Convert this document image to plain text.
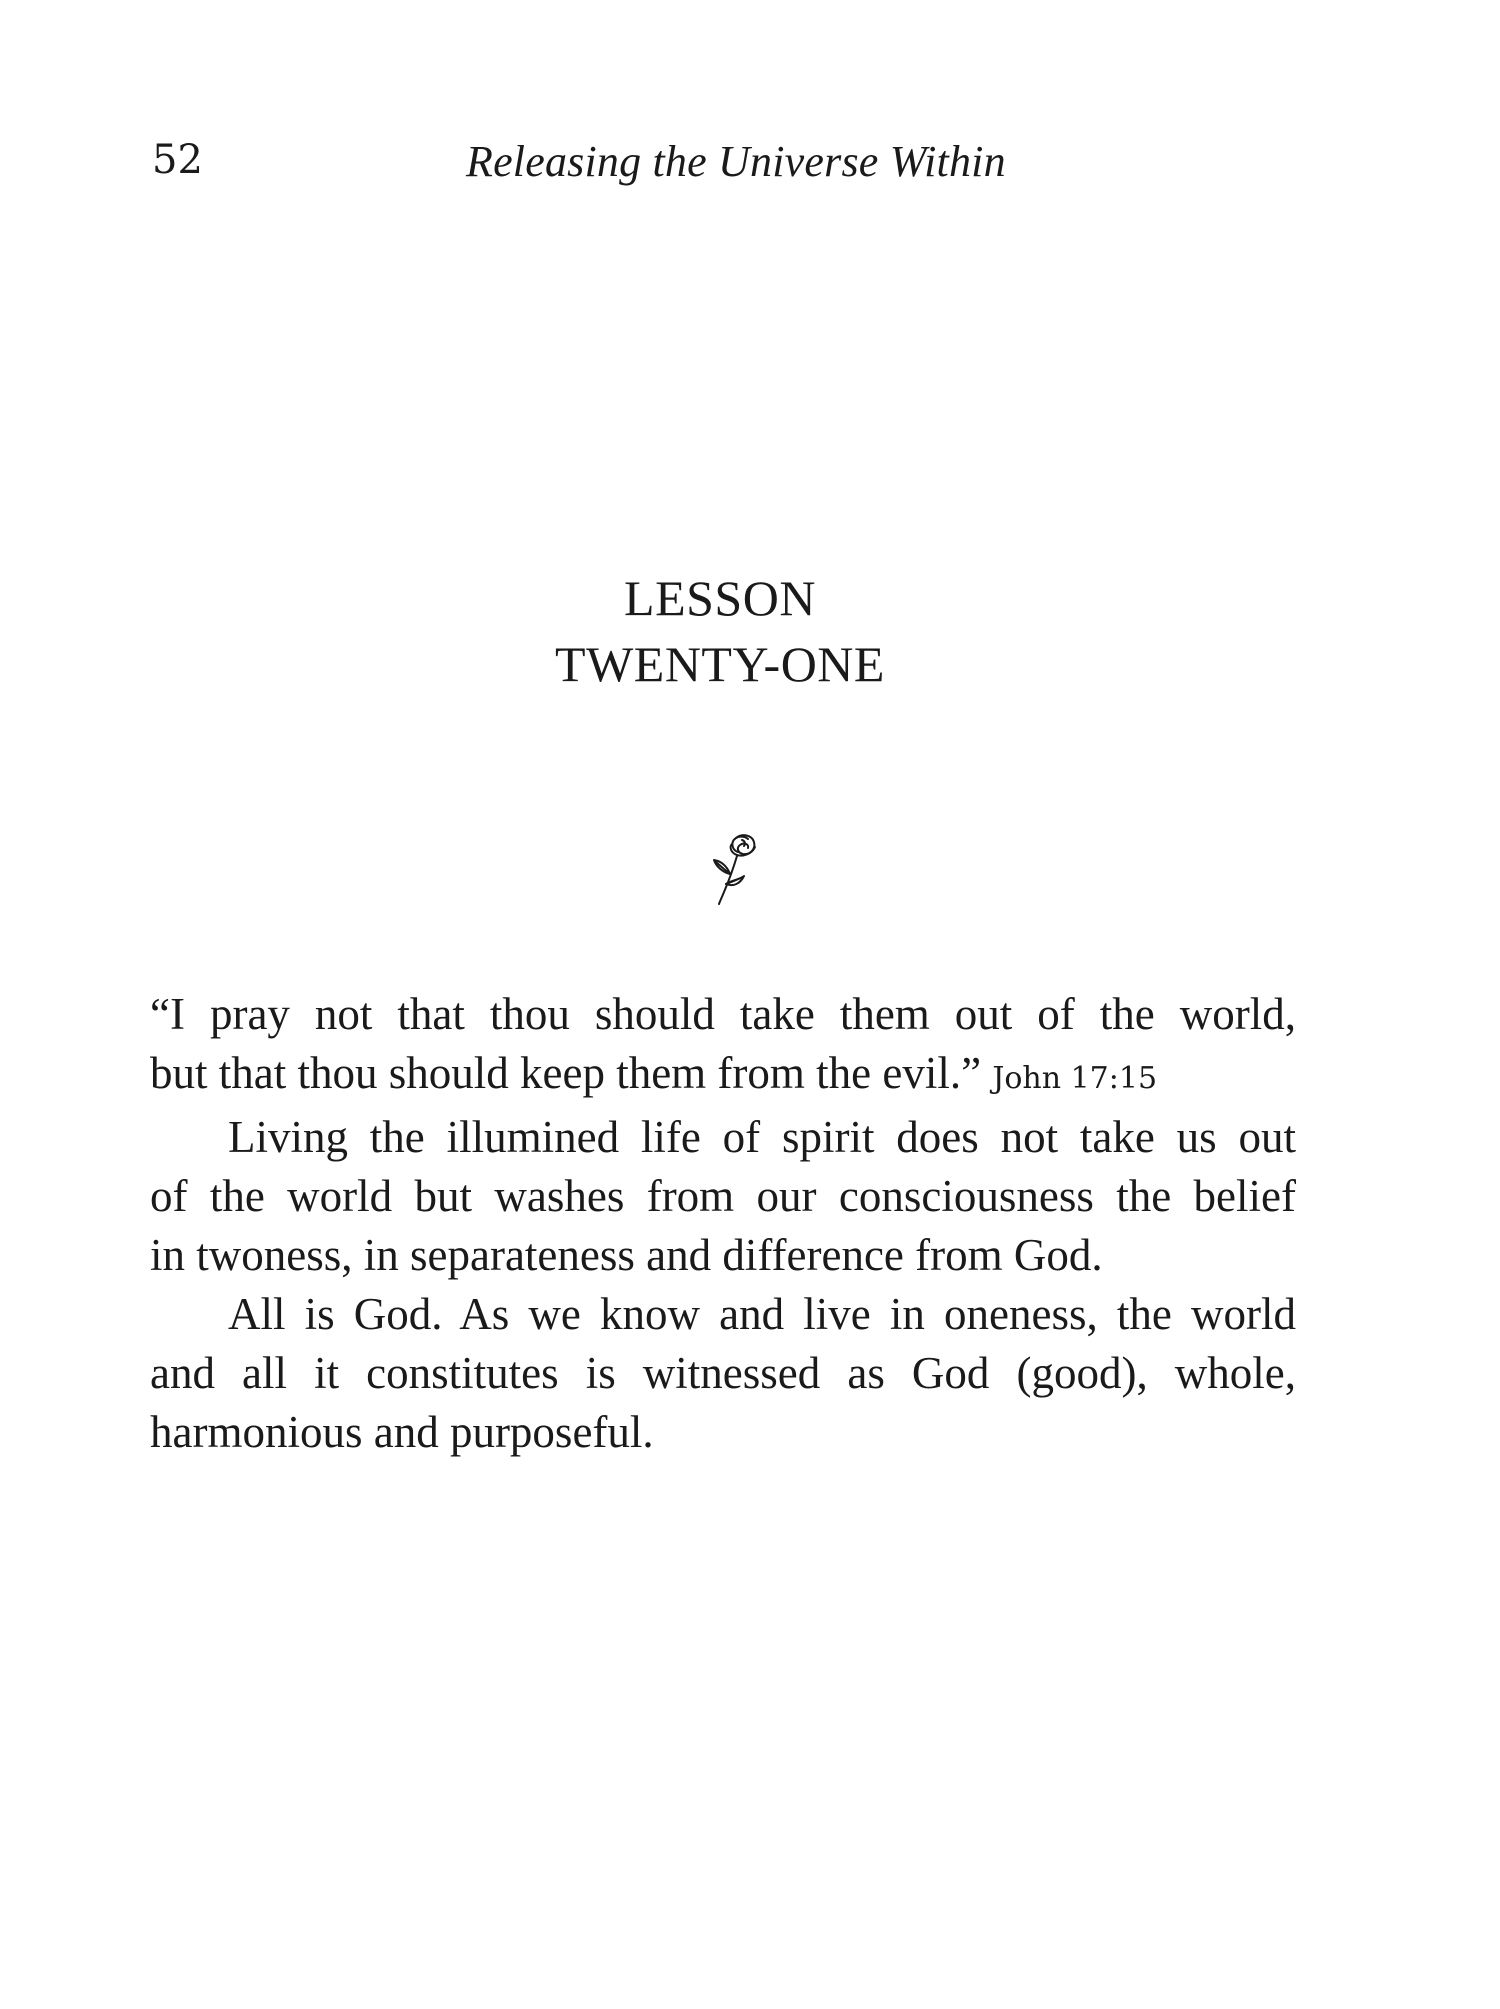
52	Releasing the Universe Within
LESSON
TWENTY-ONE

“I pray not that thou should take them out of the world,
but that thou should keep them from the evil.” John 17:15

Living the illumined life of spirit does not take us out
of the world but washes from our consciousness the belief
in twoness, in separateness and difference from God.

All is God. As we know and live in oneness, the world
and all it constitutes is witnessed as God (good), whole,
harmonious and purposeful.
